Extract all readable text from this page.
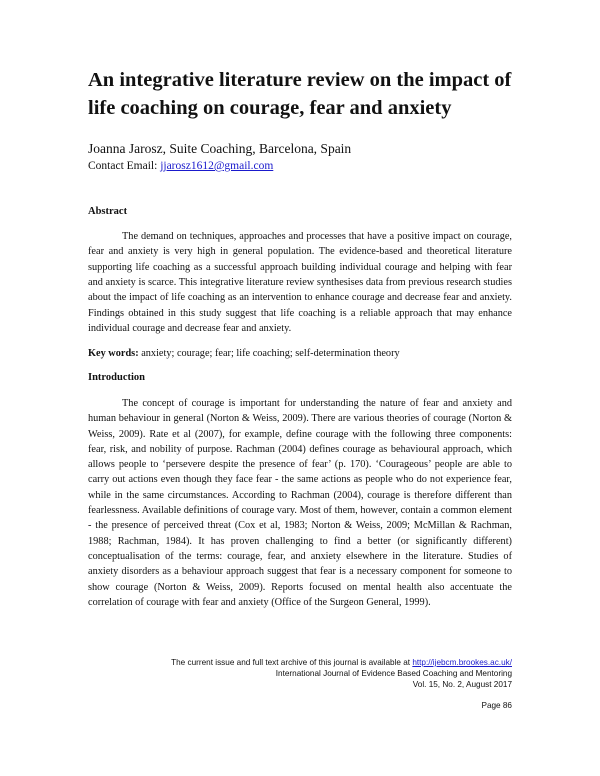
An integrative literature review on the impact of life coaching on courage, fear and anxiety
Joanna Jarosz, Suite Coaching, Barcelona, Spain
Contact Email: jjarosz1612@gmail.com
Abstract

The demand on techniques, approaches and processes that have a positive impact on courage, fear and anxiety is very high in general population. The evidence-based and theoretical literature supporting life coaching as a successful approach building individual courage and helping with fear and anxiety is scarce. This integrative literature review synthesises data from previous research studies about the impact of life coaching as an intervention to enhance courage and decrease fear and anxiety. Findings obtained in this study suggest that life coaching is a reliable approach that may enhance individual courage and decrease fear and anxiety.

Key words: anxiety; courage; fear; life coaching; self-determination theory

Introduction

The concept of courage is important for understanding the nature of fear and anxiety and human behaviour in general (Norton & Weiss, 2009). There are various theories of courage (Norton & Weiss, 2009). Rate et al (2007), for example, define courage with the following three components: fear, risk, and nobility of purpose. Rachman (2004) defines courage as behavioural approach, which allows people to ‘persevere despite the presence of fear’ (p. 170). ‘Courageous’ people are able to carry out actions even though they face fear - the same actions as people who do not experience fear, while in the same circumstances. According to Rachman (2004), courage is therefore different than fearlessness. Available definitions of courage vary. Most of them, however, contain a common element - the presence of perceived threat (Cox et al, 1983; Norton & Weiss, 2009; McMillan & Rachman, 1988; Rachman, 1984). It has proven challenging to find a better (or significantly different) conceptualisation of the terms: courage, fear, and anxiety elsewhere in the literature. Studies of anxiety disorders as a behaviour approach suggest that fear is a necessary component for someone to show courage (Norton & Weiss, 2009). Reports focused on mental health also accentuate the correlation of courage with fear and anxiety (Office of the Surgeon General, 1999).

The current issue and full text archive of this journal is available at http://ijebcm.brookes.ac.uk/
International Journal of Evidence Based Coaching and Mentoring
Vol. 15, No. 2, August 2017
Page 86
